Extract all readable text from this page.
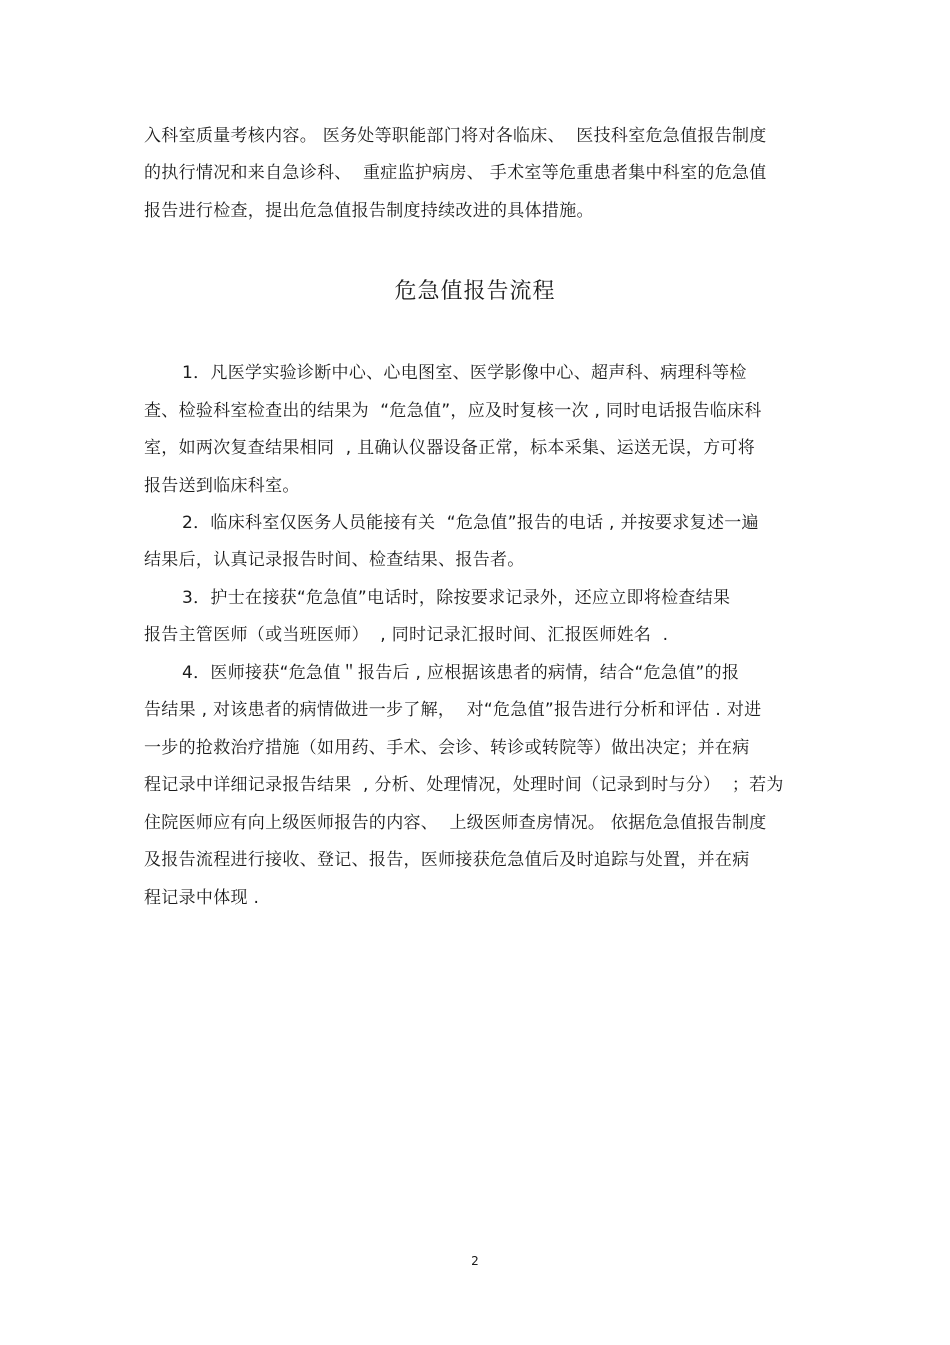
入科室质量考核内容。 医务处等职能部门将对各临床、  医技科室危急值报告制度
的执行情况和来自急诊科、  重症监护病房、 手术室等危重患者集中科室的危急值
报告进行检查，提出危急值报告制度持续改进的具体措施。
危急值报告流程
1．凡医学实验诊断中心、心电图室、医学影像中心、超声科、病理科等检
查、检验科室检查出的结果为  “危急值”，应及时复核一次 , 同时电话报告临床科
室，如两次复查结果相同  , 且确认仪器设备正常，标本采集、运送无误，方可将
报告送到临床科室。
2．临床科室仅医务人员能接有关  “危急值”报告的电话 , 并按要求复述一遍
结果后，认真记录报告时间、检查结果、报告者。
3．护士在接获“危急值”电话时，除按要求记录外，还应立即将检查结果
报告主管医师（或当班医师）  , 同时记录汇报时间、汇报医师姓名  .
4．医师接获“危急值＂报告后 , 应根据该患者的病情，结合“危急值”的报
告结果 , 对该患者的病情做进一步了解，  对“危急值”报告进行分析和评估 . 对进
一步的抢救治疗措施（如用药、手术、会诊、转诊或转院等）做出决定；并在病
程记录中详细记录报告结果  , 分析、处理情况，处理时间（记录到时与分）  ；若为
住院医师应有向上级医师报告的内容、  上级医师查房情况。 依据危急值报告制度
及报告流程进行接收、登记、报告，医师接获危急值后及时追踪与处置，并在病
程记录中体现 .
2
